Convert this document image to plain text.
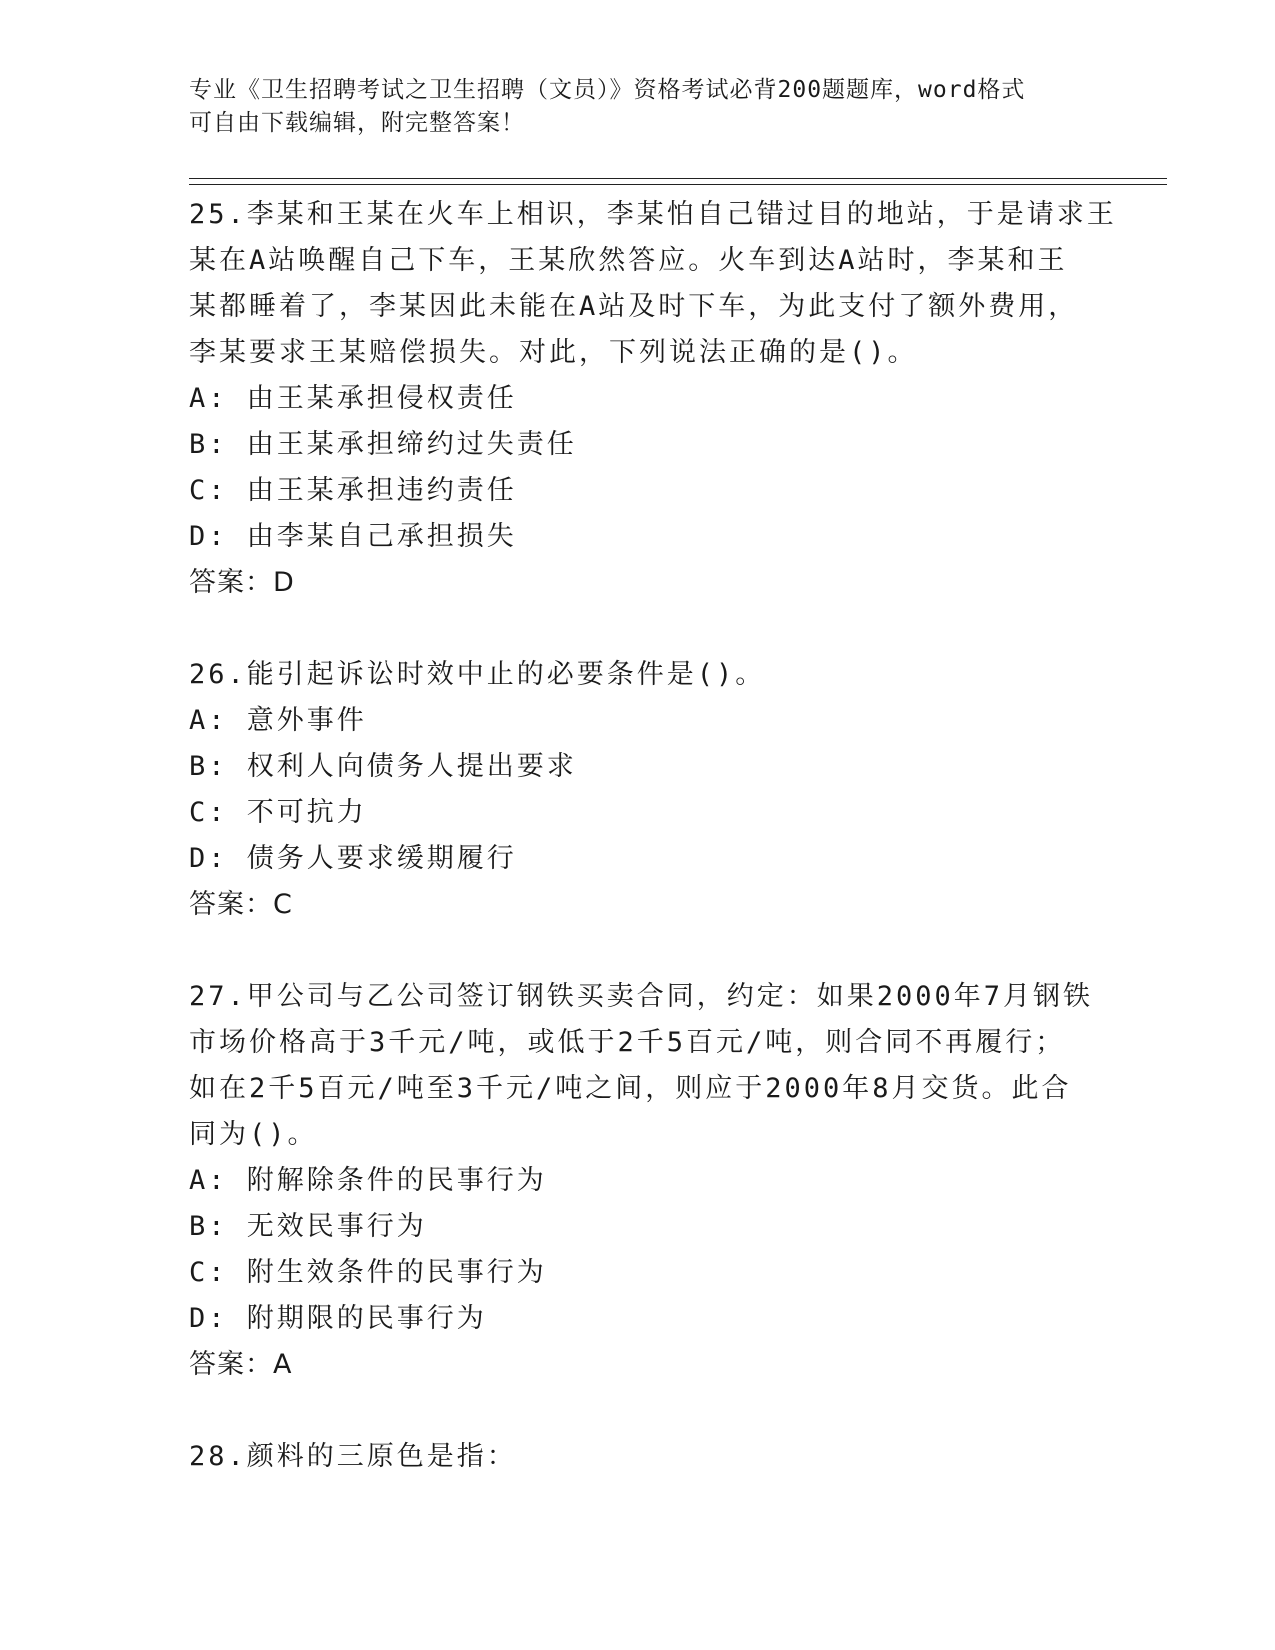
专业《卫生招聘考试之卫生招聘（文员）》资格考试必背200题题库，word格式
可自由下载编辑，附完整答案！
25.李某和王某在火车上相识，李某怕自己错过目的地站，于是请求王
某在A站唤醒自己下车，王某欣然答应。火车到达A站时，李某和王
某都睡着了，李某因此未能在A站及时下车，为此支付了额外费用，
李某要求王某赔偿损失。对此，下列说法正确的是()。
A: 由王某承担侵权责任
B: 由王某承担缔约过失责任
C: 由王某承担违约责任
D: 由李某自己承担损失
答案：D
26.能引起诉讼时效中止的必要条件是()。
A: 意外事件
B: 权利人向债务人提出要求
C: 不可抗力
D: 债务人要求缓期履行
答案：C
27.甲公司与乙公司签订钢铁买卖合同，约定：如果2000年7月钢铁
市场价格高于3千元/吨，或低于2千5百元/吨，则合同不再履行；
如在2千5百元/吨至3千元/吨之间，则应于2000年8月交货。此合
同为()。
A: 附解除条件的民事行为
B: 无效民事行为
C: 附生效条件的民事行为
D: 附期限的民事行为
答案：A
28.颜料的三原色是指：
